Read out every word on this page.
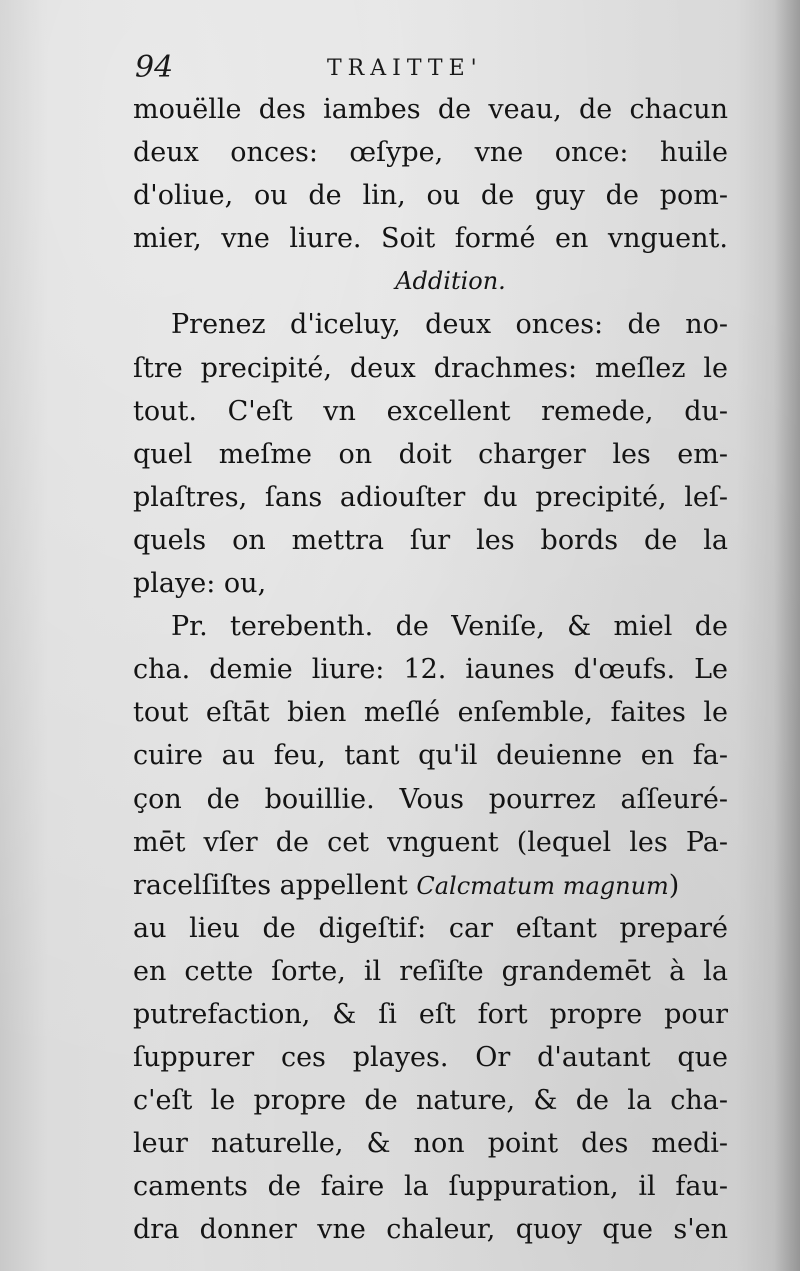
94	TRAITTE'
mouëlle des iambes de veau, de chacun
deux onces: œſype, vne once: huile
d'oliue, ou de lin, ou de guy de pom-
mier, vne liure. Soit formé en vnguent.
Addition.
Prenez d'iceluy, deux onces: de no-
ſtre precipité, deux drachmes: meſlez le
tout. C'eſt vn excellent remede, du-
quel meſme on doit charger les em-
plaſtres, ſans adiouſter du precipité, leſ-
quels on mettra ſur les bords de la
playe: ou,
Pr. terebenth. de Veniſe, & miel de
cha. demie liure: 12. iaunes d'œufs. Le
tout eſtāt bien meſlé enſemble, faites le
cuire au feu, tant qu'il deuienne en fa-
çon de bouillie. Vous pourrez aſſeuré-
mēt vſer de cet vnguent (lequel les Pa-
racelſiſtes appellent Calcmatum magnum)
au lieu de digeſtif: car eſtant preparé
en cette ſorte, il reſiſte grandemēt à la
putrefaction, & ſi eſt fort propre pour
ſuppurer ces playes. Or d'autant que
c'eſt le propre de nature, & de la cha-
leur naturelle, & non point des medi-
caments de faire la ſuppuration, il fau-
dra donner vne chaleur, quoy que s'en
